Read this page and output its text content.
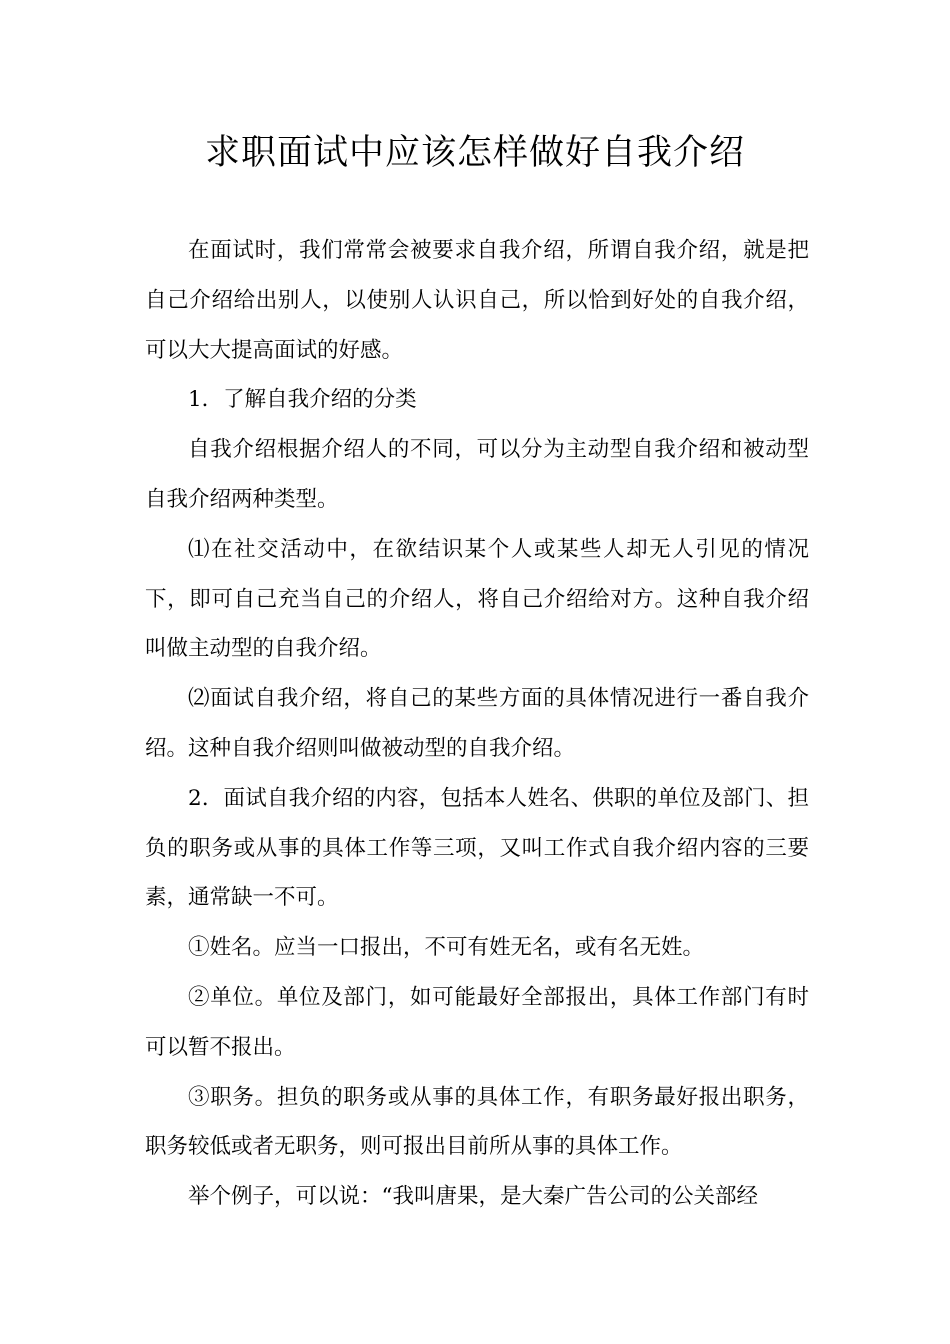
求职面试中应该怎样做好自我介绍

在面试时，我们常常会被要求自我介绍，所谓自我介绍，就是把自己介绍给出别人，以使别人认识自己，所以恰到好处的自我介绍，可以大大提高面试的好感。

1．了解自我介绍的分类

自我介绍根据介绍人的不同，可以分为主动型自我介绍和被动型自我介绍两种类型。

⑴在社交活动中，在欲结识某个人或某些人却无人引见的情况下，即可自己充当自己的介绍人，将自己介绍给对方。这种自我介绍叫做主动型的自我介绍。

⑵面试自我介绍，将自己的某些方面的具体情况进行一番自我介绍。这种自我介绍则叫做被动型的自我介绍。

2．面试自我介绍的内容，包括本人姓名、供职的单位及部门、担负的职务或从事的具体工作等三项，又叫工作式自我介绍内容的三要素，通常缺一不可。

①姓名。应当一口报出，不可有姓无名，或有名无姓。

②单位。单位及部门，如可能最好全部报出，具体工作部门有时可以暂不报出。

③职务。担负的职务或从事的具体工作，有职务最好报出职务，职务较低或者无职务，则可报出目前所从事的具体工作。

举个例子，可以说：“我叫唐果，是大秦广告公司的公关部经
